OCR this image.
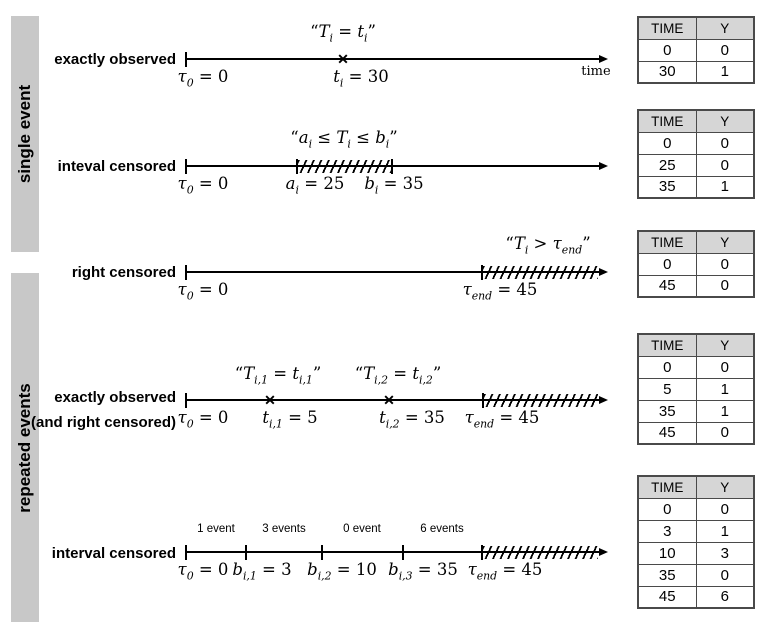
single event
repeated events
exactly observed	✕
“$T_i = t_i$”
$\tau_0 = 0$	$t_i = 30$	time
inteval censored
“$a_i \le T_i \le b_i$”
$\tau_0 = 0$	$a_i = 25$ $b_i = 35$
right censored
“$T_i > \tau_{end}$”
$\tau_0 = 0$	$\tau_{end} = 45$
exactly observed
(and right censored)
✕	✕
“$T_{i,1} = t_{i,1}$” “$T_{i,2} = t_{i,2}$”
$\tau_0 = 0$ $t_{i,1} = 5$	$t_{i,2} = 35$ $\tau_{end} = 45$
interval censored
1 event 3 events	0 event	6 events
$\tau_0 = 0$ $b_{i,1} = 3$ $b_{i,2} = 10$ $b_{i,3} = 35$ $\tau_{end} = 45$
TIME	Y
0	0
30	1
TIME	Y
0	0
25	0
35	1
TIME	Y
0	0
45	0
TIME	Y
0	0
5	1
35	1
45	0
TIME	Y
0	0
3	1
10	3
35	0
45	6
